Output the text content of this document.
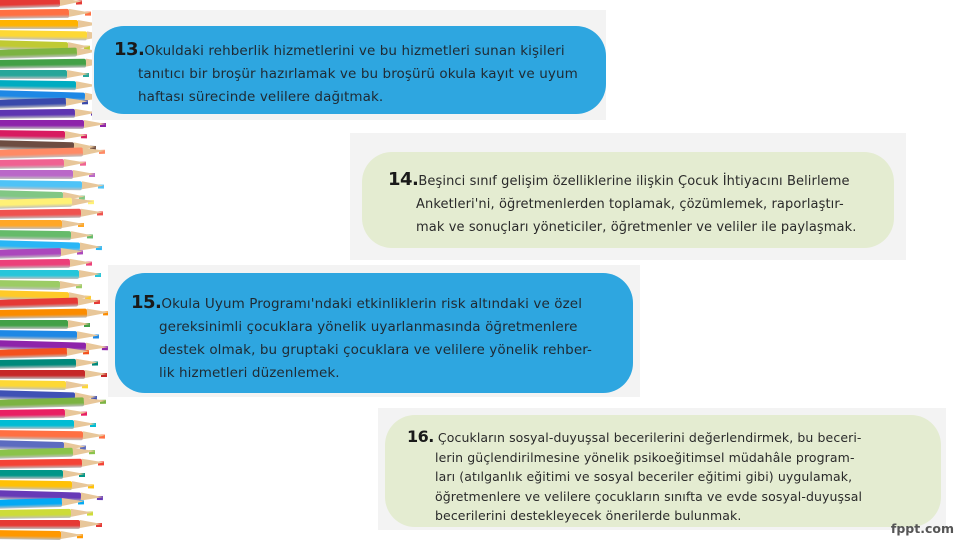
13.Okuldaki rehberlik hizmetlerini ve bu hizmetleri sunan kişileri
tanıtıcı bir broşür hazırlamak ve bu broşürü okula kayıt ve uyum
haftası sürecinde velilere dağıtmak.
14.Beşinci sınıf gelişim özelliklerine ilişkin Çocuk İhtiyacını Belirleme
Anketleri'ni, öğretmenlerden toplamak, çözümlemek, raporlaştır-
mak ve sonuçları yöneticiler, öğretmenler ve veliler ile paylaşmak.
15.Okula Uyum Programı'ndaki etkinliklerin risk altındaki ve özel
gereksinimli çocuklara yönelik uyarlanmasında öğretmenlere
destek olmak, bu gruptaki çocuklara ve velilere yönelik rehber-
lik hizmetleri düzenlemek.
16. Çocukların sosyal-duyuşsal becerilerini değerlendirmek, bu beceri-
lerin güçlendirilmesine yönelik psikoeğitimsel müdahâle program-
ları (atılganlık eğitimi ve sosyal beceriler eğitimi gibi) uygulamak,
öğretmenlere ve velilere çocukların sınıfta ve evde sosyal-duyuşsal
becerilerini destekleyecek önerilerde bulunmak.
fppt.com
